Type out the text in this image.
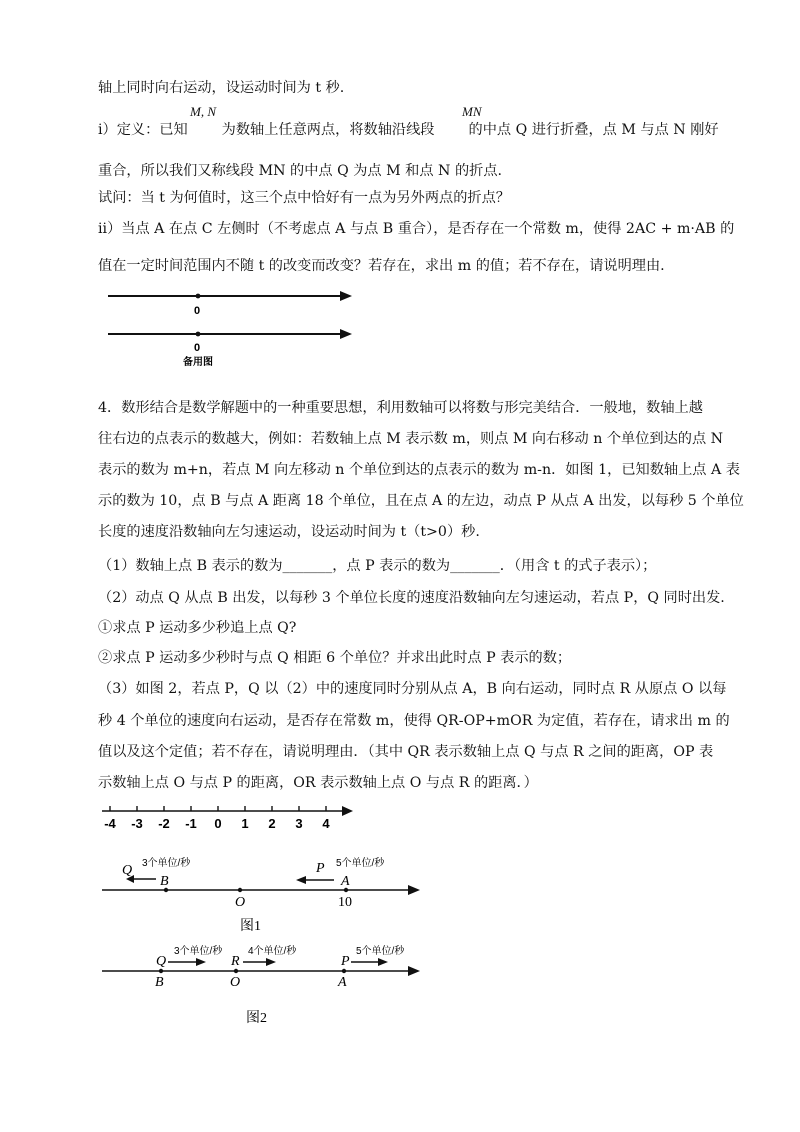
轴上同时向右运动，设运动时间为 t 秒.
i）定义：已知 为数轴上任意两点，将数轴沿线段 的中点 Q 进行折叠，点 M 与点 N 刚好
M, N	MN
重合，所以我们又称线段 MN 的中点 Q 为点 M 和点 N 的折点.
试问：当 t 为何值时，这三个点中恰好有一点为另外两点的折点？
ii）当点 A 在点 C 左侧时（不考虑点 A 与点 B 重合），是否存在一个常数 m，使得 2AC + m·AB 的
值在一定时间范围内不随 t 的改变而改变？若存在，求出 m 的值；若不存在，请说明理由.
0
0
备用图
4．数形结合是数学解题中的一种重要思想，利用数轴可以将数与形完美结合．一般地，数轴上越
往右边的点表示的数越大，例如：若数轴上点 M 表示数 m，则点 M 向右移动 n 个单位到达的点 N
表示的数为 m+n，若点 M 向左移动 n 个单位到达的点表示的数为 m-n．如图 1，已知数轴上点 A 表
示的数为 10，点 B 与点 A 距离 18 个单位，且在点 A 的左边，动点 P 从点 A 出发，以每秒 5 个单位
长度的速度沿数轴向左匀速运动，设运动时间为 t（t>0）秒.
（1）数轴上点 B 表示的数为_______，点 P 表示的数为_______．（用含 t 的式子表示）；
（2）动点 Q 从点 B 出发，以每秒 3 个单位长度的速度沿数轴向左匀速运动，若点 P，Q 同时出发.
①求点 P 运动多少秒追上点 Q?
②求点 P 运动多少秒时与点 Q 相距 6 个单位？并求出此时点 P 表示的数；
（3）如图 2，若点 P，Q 以（2）中的速度同时分别从点 A，B 向右运动，同时点 R 从原点 O 以每
秒 4 个单位的速度向右运动，是否存在常数 m，使得 QR-OP+mOR 为定值，若存在，请求出 m 的
值以及这个定值；若不存在，请说明理由．（其中 QR 表示数轴上点 Q 与点 R 之间的距离，OP 表
示数轴上点 O 与点 P 的距离，OR 表示数轴上点 O 与点 R 的距离．）
-4 -3 -2 -1 0 1 2 3 4
Q 3个单位/秒
B
O
P 5个单位/秒
A
10
图1
Q
3个单位/秒
B
R
4个单位/秒
O
P
5个单位/秒
A
图2
